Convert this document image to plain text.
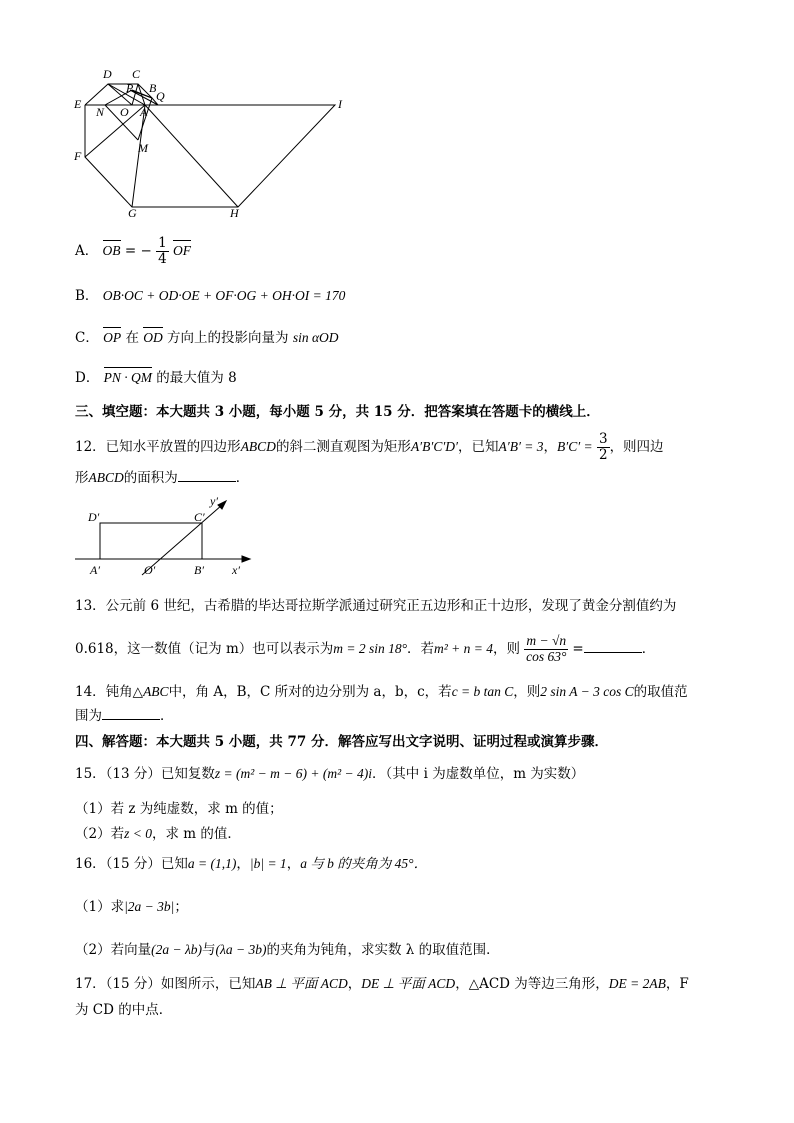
D C
P B
Q
E
N O A
I
F
M
G	H
A． OB = − $\frac{1}{4}$ OF
B． OB·OC + OD·OE + OF·OG + OH·OI = 170
C． OP 在 OD 方向上的投影向量为 sin αOD
D． PN · QM 的最大值为 8
三、填空题：本大题共 3 小题，每小题 5 分，共 15 分．把答案填在答题卡的横线上．
12．已知水平放置的四边形ABCD的斜二测直观图为矩形A′B′C′D′，已知A′B′ = 3，$B'C' = \frac{3}{2}$ ，则四边
形ABCD的面积为	．
D′	C′
y′
A′	O′	B′ x′
13．公元前 6 世纪，古希腊的毕达哥拉斯学派通过研究正五边形和正十边形，发现了黄金分割值约为
0.618，这一数值（记为 m）也可以表示为m = 2 sin 18°．若m² + n = 4，则 $\frac{m - √n}{\cos 63^\circ}$ =	．
14．钝角△ABC中，角 A，B，C 所对的边分别为 a，b，c，若c = b tan C，则2 sin A − 3 cos C的取值范
围为	．
四、解答题：本大题共 5 小题，共 77 分．解答应写出文字说明、证明过程或演算步骤．
15．（13 分）已知复数z = (m² − m − 6) + (m² − 4)i．（其中 i 为虚数单位，m 为实数）
（1）若 z 为纯虚数，求 m 的值；
（2）若z < 0，求 m 的值．
16．（15 分）已知a = (1,1)，|b| = 1，a 与 b 的夹角为 45°．
（1）求|2a − 3b|；
（2）若向量(2a − λb)与(λa − 3b)的夹角为钝角，求实数 λ 的取值范围．
17．（15 分）如图所示，已知AB ⊥ 平面 ACD，DE ⊥ 平面 ACD，△ACD 为等边三角形，DE = 2AB，F
为 CD 的中点．
